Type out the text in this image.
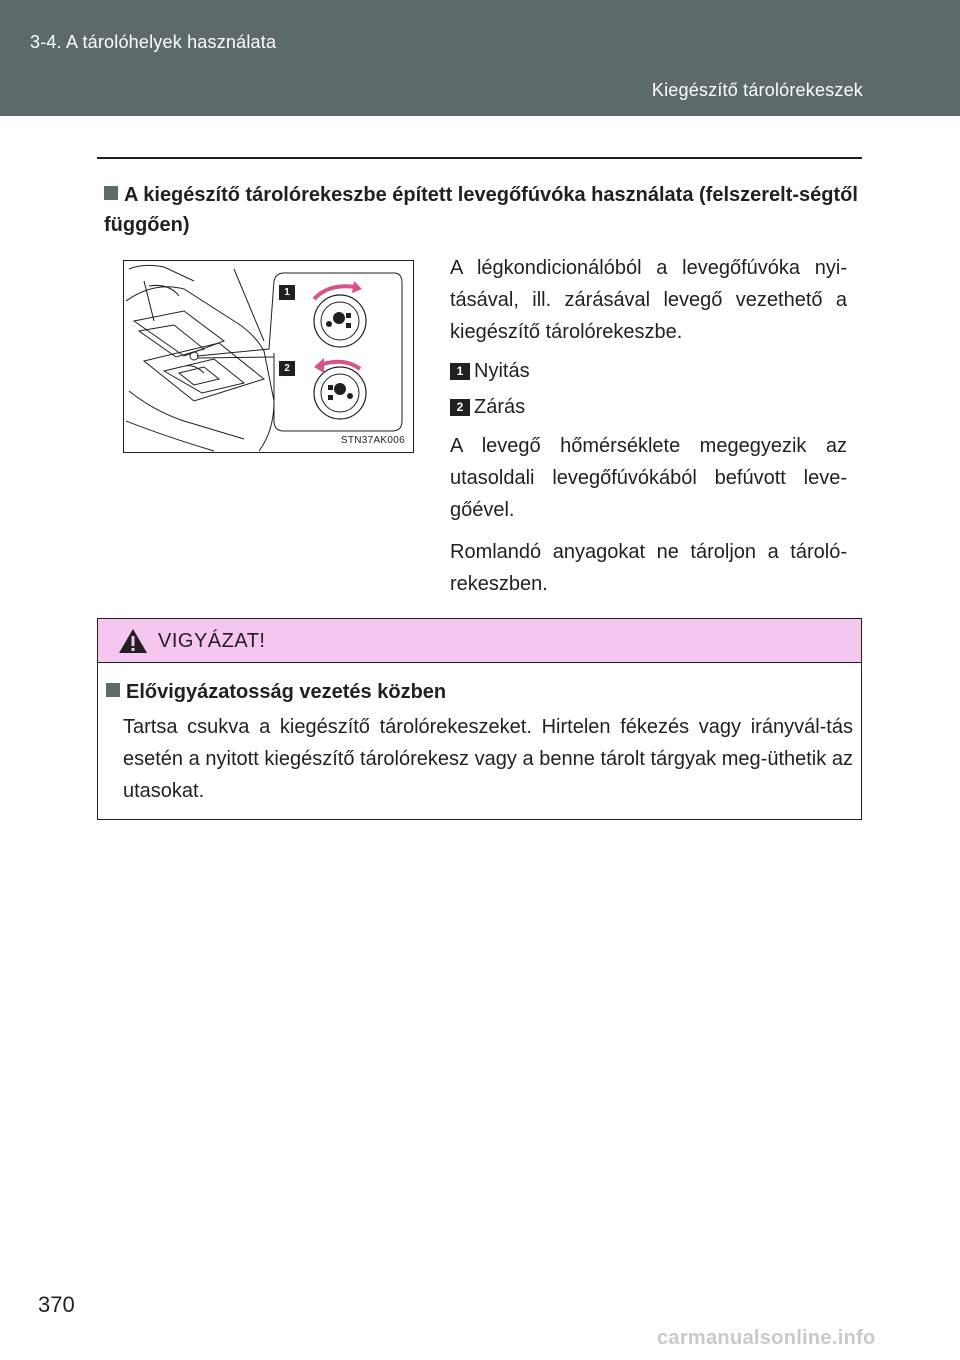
3-4. A tárolóhelyek használata
Kiegészítő tárolórekeszek
A kiegészítő tárolórekeszbe épített levegőfúvóka használata (felszerelt-ségtől függően)
1
2
STN37AK006

A légkondicionálóból a levegőfúvóka nyi-tásával, ill. zárásával levegő vezethető a kiegészítő tárolórekeszbe.

1 Nyitás
2 Zárás

A levegő hőmérséklete megegyezik az utasoldali levegőfúvókából befúvott leve-gőével.

Romlandó anyagokat ne tároljon a tároló-rekeszben.

VIGYÁZAT!
Elővigyázatosság vezetés közben
Tartsa csukva a kiegészítő tárolórekeszeket. Hirtelen fékezés vagy irányvál-tás esetén a nyitott kiegészítő tárolórekesz vagy a benne tárolt tárgyak meg-üthetik az utasokat.
370
carmanualsonline.info
